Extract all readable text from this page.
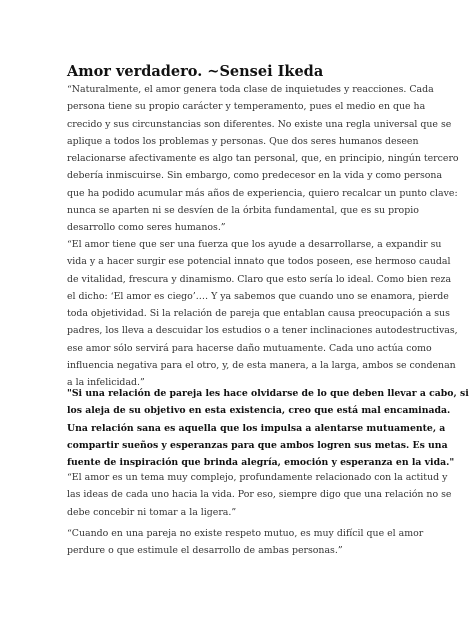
Amor verdadero. ~Sensei Ikeda

“Naturalmente, el amor genera toda clase de inquietudes y reacciones. Cada
persona tiene su propio carácter y temperamento, pues el medio en que ha
crecido y sus circunstancias son diferentes. No existe una regla universal que se
aplique a todos los problemas y personas. Que dos seres humanos deseen
relacionarse afectivamente es algo tan personal, que, en principio, ningún tercero
debería inmiscuirse. Sin embargo, como predecesor en la vida y como persona
que ha podido acumular más años de experiencia, quiero recalcar un punto clave:
nunca se aparten ni se desvíen de la órbita fundamental, que es su propio
desarrollo como seres humanos.”

“El amor tiene que ser una fuerza que los ayude a desarrollarse, a expandir su
vida y a hacer surgir ese potencial innato que todos poseen, ese hermoso caudal
de vitalidad, frescura y dinamismo. Claro que esto sería lo ideal. Como bien reza
el dicho: ‘El amor es ciego’.… Y ya sabemos que cuando uno se enamora, pierde
toda objetividad. Si la relación de pareja que entablan causa preocupación a sus
padres, los lleva a descuidar los estudios o a tener inclinaciones autodestructivas,
ese amor sólo servirá para hacerse daño mutuamente. Cada uno actúa como
influencia negativa para el otro, y, de esta manera, a la larga, ambos se condenan
a la infelicidad.”

"Si una relación de pareja les hace olvidarse de lo que deben llevar a cabo, si
los aleja de su objetivo en esta existencia, creo que está mal encaminada.
Una relación sana es aquella que los impulsa a alentarse mutuamente, a
compartir sueños y esperanzas para que ambos logren sus metas. Es una
fuente de inspiración que brinda alegría, emoción y esperanza en la vida."

“El amor es un tema muy complejo, profundamente relacionado con la actitud y
las ideas de cada uno hacia la vida. Por eso, siempre digo que una relación no se
debe concebir ni tomar a la ligera.”

“Cuando en una pareja no existe respeto mutuo, es muy difícil que el amor
perdure o que estimule el desarrollo de ambas personas.”
